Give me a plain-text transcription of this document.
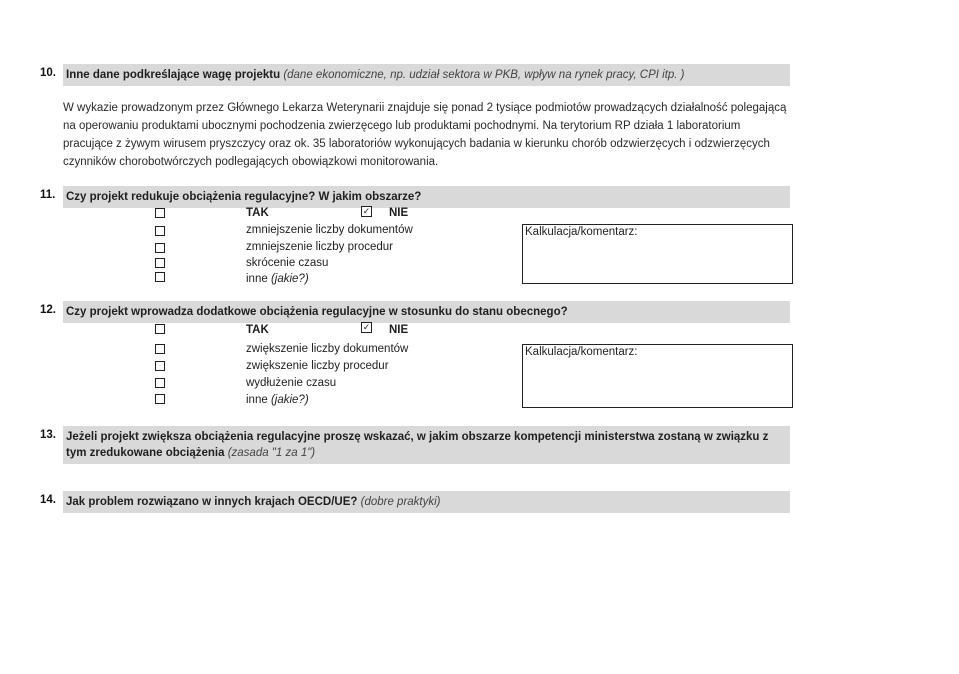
10. Inne dane podkreślające wagę projektu (dane ekonomiczne, np. udział sektora w PKB, wpływ na rynek pracy, CPI itp. )
W wykazie prowadzonym przez Głównego Lekarza Weterynarii znajduje się ponad 2 tysiące podmiotów prowadzących działalność polegającą na operowaniu produktami ubocznymi pochodzenia zwierzęcego lub produktami pochodnymi. Na terytorium RP działa 1 laboratorium pracujące z żywym wirusem pryszczycy oraz ok. 35 laboratoriów wykonujących badania w kierunku chorób odzwierzęcych i odzwierzęcych czynników chorobotwórczych podlegających obowiązkowi monitorowania.
11. Czy projekt redukuje obciążenia regulacyjne? W jakim obszarze?
TAK	✓ NIE
zmniejszenie liczby dokumentów
zmniejszenie liczby procedur
skrócenie czasu
inne (jakie?)
Kalkulacja/komentarz:
12. Czy projekt wprowadza dodatkowe obciążenia regulacyjne w stosunku do stanu obecnego?
TAK	✓ NIE
zwiększenie liczby dokumentów
zwiększenie liczby procedur
wydłużenie czasu
inne (jakie?)
Kalkulacja/komentarz:
13. Jeżeli projekt zwiększa obciążenia regulacyjne proszę wskazać, w jakim obszarze kompetencji ministerstwa zostaną w związku z tym zredukowane obciążenia (zasada "1 za 1")
14. Jak problem rozwiązano w innych krajach OECD/UE? (dobre praktyki)
